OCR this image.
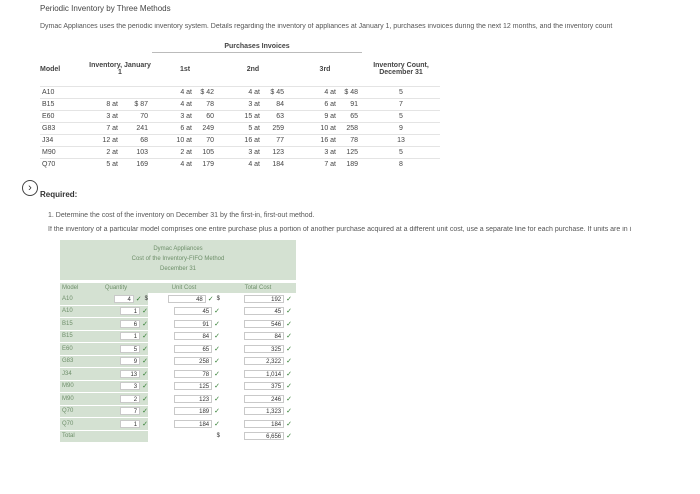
Periodic Inventory by Three Methods
Dymac Appliances uses the periodic inventory system. Details regarding the inventory of appliances at January 1, purchases invoices during the next 12 months, and the inventory count
			Purchases Invoices						
Model	Inventory, January 1		1st		2nd		3rd		Inventory Count, December 31
A10			4 at	$ 42	4 at	$ 45	4 at	$ 48	5
B15	8 at	$ 87	4 at	78	3 at	84	6 at	91	7
E60	3 at	70	3 at	60	15 at	63	9 at	65	5
G83	7 at	241	6 at	249	5 at	259	10 at	258	9
J34	12 at	68	10 at	70	16 at	77	16 at	78	13
M90	2 at	103	2 at	105	3 at	123	3 at	125	5
Q70	5 at	169	4 at	179	4 at	184	7 at	189	8
›
Required:
1. Determine the cost of the inventory on December 31 by the first-in, first-out method.
If the inventory of a particular model comprises one entire purchase plus a portion of another purchase acquired at a different unit cost, use a separate line for each purchase. If units are in i
Dymac Appliances
Cost of the Inventory-FIFO Method
December 31
Model	Quantity	Unit Cost	Total Cost
A10	4 ✓ $	48 ✓ $	192 ✓
A10	1 ✓	45 ✓	45 ✓
B15	6 ✓	91 ✓	546 ✓
B15	1 ✓	84 ✓	84 ✓
E60	5 ✓	65 ✓	325 ✓
G83	9 ✓	258 ✓	2,322 ✓
J34	13 ✓	78 ✓	1,014 ✓
M90	3 ✓	125 ✓	375 ✓
M90	2 ✓	123 ✓	246 ✓
Q70	7 ✓	189 ✓	1,323 ✓
Q70	1 ✓	184 ✓	184 ✓
Total		$	6,656 ✓
